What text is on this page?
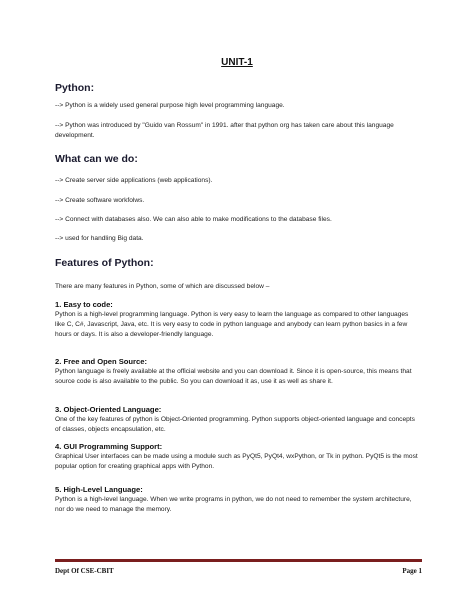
UNIT-1
Python:
--> Python is a widely used general purpose high level programming language.
--> Python was introduced by "Guido van Rossum" in 1991. after that python org has taken care about this language development.
What can we do:
--> Create server side applications (web applications).
--> Create software workfolws.
--> Connect with databases also. We can also able to make modifications to the database files.
--> used for handling Big data.
Features of Python:
There are many features in Python, some of which are discussed below –
1. Easy to code:
Python is a high-level programming language. Python is very easy to learn the language as compared to other languages like C, C#, Javascript, Java, etc. It is very easy to code in python language and anybody can learn python basics in a few hours or days. It is also a developer-friendly language.
2. Free and Open Source:
Python language is freely available at the official website and you can download it. Since it is open-source, this means that source code is also available to the public. So you can download it as, use it as well as share it.
3. Object-Oriented Language:
One of the key features of python is Object-Oriented programming. Python supports object-oriented language and concepts of classes, objects encapsulation, etc.
4. GUI Programming Support:
Graphical User interfaces can be made using a module such as PyQt5, PyQt4, wxPython, or Tk in python. PyQt5 is the most popular option for creating graphical apps with Python.
5. High-Level Language:
Python is a high-level language. When we write programs in python, we do not need to remember the system architecture, nor do we need to manage the memory.
Dept Of CSE-CBIT	Page 1
